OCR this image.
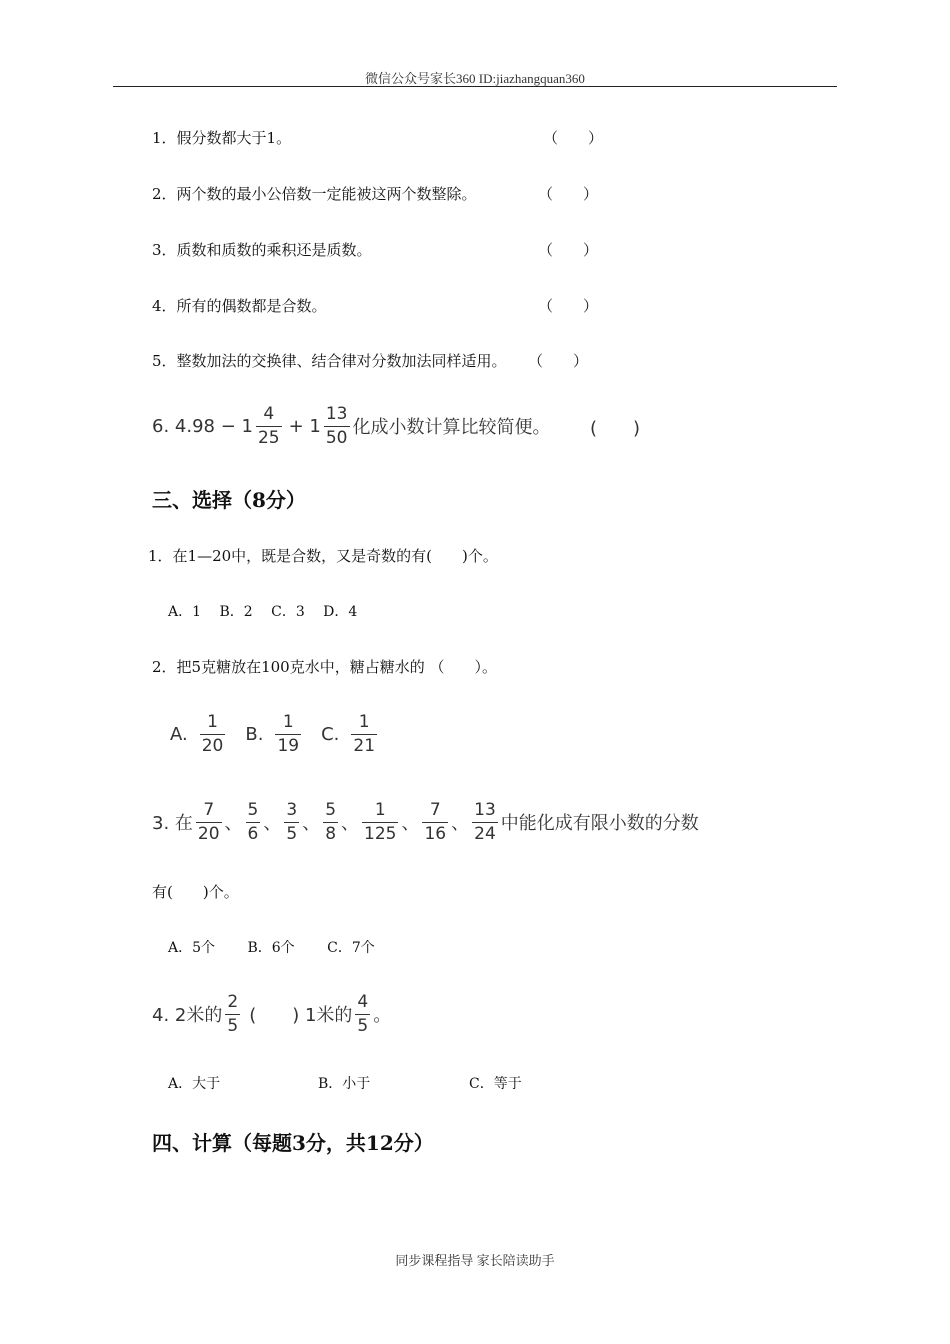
微信公众号家长360 ID:jiazhangquan360
1．假分数都大于1。	（　　）
2．两个数的最小公倍数一定能被这两个数整除。	（　　）
3．质数和质数的乘积还是质数。	（　　）
4．所有的偶数都是合数。	（　　）
5．整数加法的交换律、结合律对分数加法同样适用。 （　　）
6. $4.98 - 1 \frac{4}{25} + 1 \frac{13}{50}$ 化成小数计算比较简便。 (　　)
三、选择（8分）
1．在1—20中，既是合数，又是奇数的有(　　)个。
A．1　 B．2　 C．3　 D．4
2．把5克糖放在100克水中，糖占糖水的 （　　）。
A. $\frac{1}{20} B$. $\frac{1}{19} C$. $\frac{1}{21}$
3. 在 $\frac{7}{20}$ 、 $\frac{5}{6}$ 、 $\frac{3}{5}$ 、 $\frac{5}{8}$ 、 $\frac{1}{125}$ 、 $\frac{7}{16}$ 、 $\frac{13}{24}$ 中能化成有限小数的分数
有(　　)个。
A．5个　　 B．6个　　 C．7个
4. 2米的 $\frac{2}{5}$ (　　) 1米的 $\frac{4}{5}$ 。
A．大于	B．小于	C．等于
四、计算（每题3分，共12分）
同步课程指导 家长陪读助手
